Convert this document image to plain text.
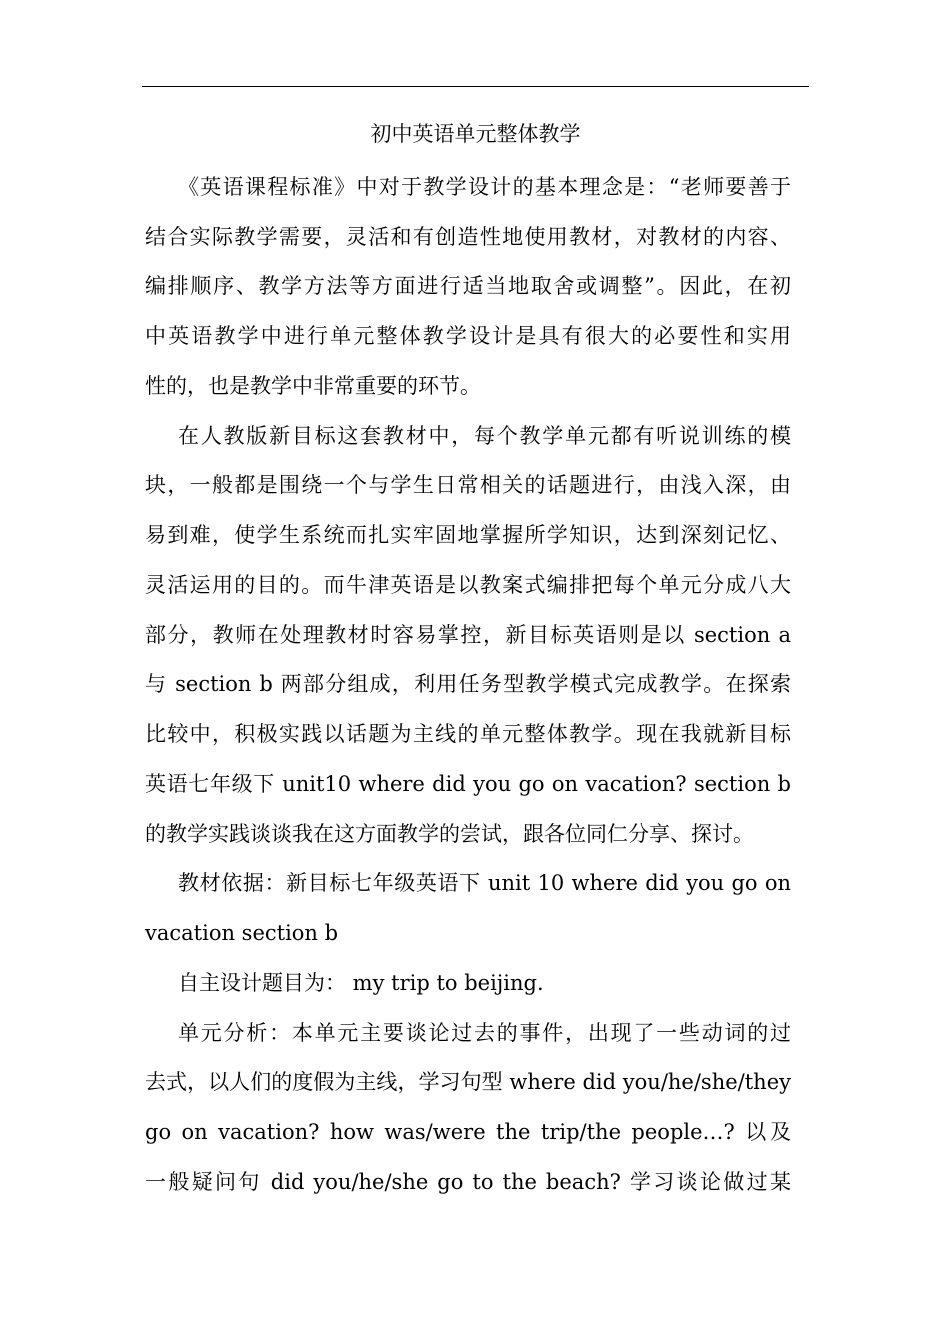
初中英语单元整体教学
《英语课程标准》中对于教学设计的基本理念是：“老师要善于
结合实际教学需要，灵活和有创造性地使用教材，对教材的内容、
编排顺序、教学方法等方面进行适当地取舍或调整”。因此，在初
中英语教学中进行单元整体教学设计是具有很大的必要性和实用
性的，也是教学中非常重要的环节。
在人教版新目标这套教材中，每个教学单元都有听说训练的模
块，一般都是围绕一个与学生日常相关的话题进行，由浅入深，由
易到难，使学生系统而扎实牢固地掌握所学知识，达到深刻记忆、
灵活运用的目的。而牛津英语是以教案式编排把每个单元分成八大
部分，教师在处理教材时容易掌控，新目标英语则是以 section a
与 section b 两部分组成，利用任务型教学模式完成教学。在探索
比较中，积极实践以话题为主线的单元整体教学。现在我就新目标
英语七年级下 unit10 where did you go on vacation? section b
的教学实践谈谈我在这方面教学的尝试，跟各位同仁分享、探讨。
教材依据：新目标七年级英语下 unit 10 where did you go on
vacation section b
自主设计题目为： my trip to beijing.
单元分析：本单元主要谈论过去的事件，出现了一些动词的过
去式，以人们的度假为主线，学习句型 where did you/he/she/they
go on vacation? how was/were the trip/the people…? 以及
一般疑问句 did you/he/she go to the beach? 学习谈论做过某
